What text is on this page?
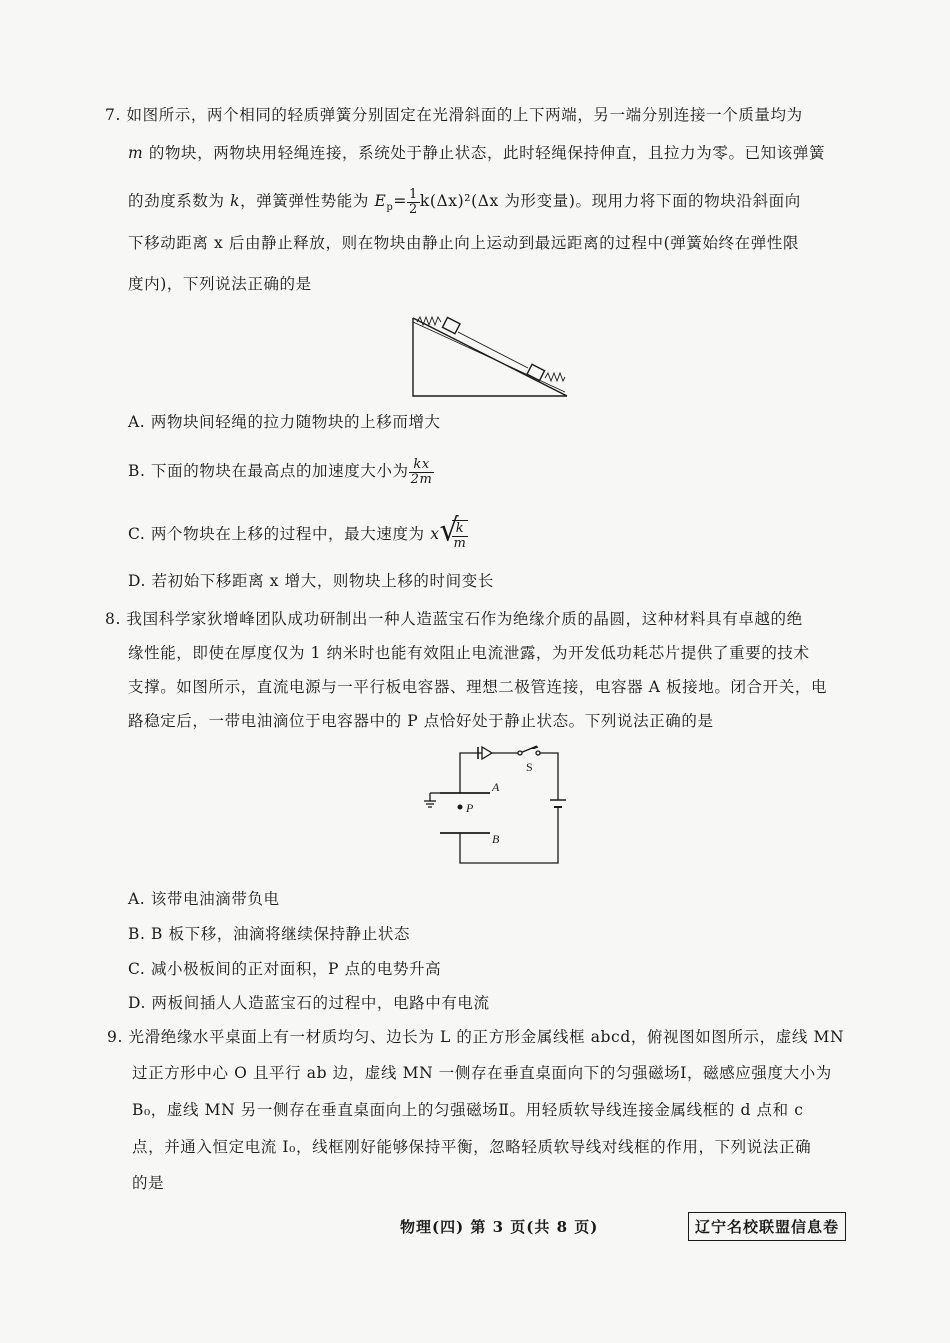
7. 如图所示，两个相同的轻质弹簧分别固定在光滑斜面的上下两端，另一端分别连接一个质量均为
m 的物块，两物块用轻绳连接，系统处于静止状态，此时轻绳保持伸直，且拉力为零。已知该弹簧
的劲度系数为 k，弹簧弹性势能为 $E_p= \frac{1}{2} k(\Delta x)^2(\Delta x$ 为形变量)。现用力将下面的物块沿斜面向
下移动距离 x 后由静止释放，则在物块由静止向上运动到最远距离的过程中(弹簧始终在弹性限
度内)，下列说法正确的是
A. 两物块间轻绳的拉力随物块的上移而增大
B. 下面的物块在最高点的加速度大小为 $\frac{kx}{2m}$
C. 两个物块在上移的过程中，最大速度为 x
√ $\frac{k}{m}$
D. 若初始下移距离 x 增大，则物块上移的时间变长
8. 我国科学家狄增峰团队成功研制出一种人造蓝宝石作为绝缘介质的晶圆，这种材料具有卓越的绝
缘性能，即使在厚度仅为 1 纳米时也能有效阻止电流泄露，为开发低功耗芯片提供了重要的技术
支撑。如图所示，直流电源与一平行板电容器、理想二极管连接，电容器 A 板接地。闭合开关，电
路稳定后，一带电油滴位于电容器中的 P 点恰好处于静止状态。下列说法正确的是
A
P
B
S
A. 该带电油滴带负电
B. B 板下移，油滴将继续保持静止状态
C. 减小极板间的正对面积，P 点的电势升高
D. 两板间插人人造蓝宝石的过程中，电路中有电流
9. 光滑绝缘水平桌面上有一材质均匀、边长为 L 的正方形金属线框 abcd，俯视图如图所示，虚线 MN
过正方形中心 O 且平行 ab 边，虚线 MN 一侧存在垂直桌面向下的匀强磁场Ⅰ，磁感应强度大小为
B₀，虚线 MN 另一侧存在垂直桌面向上的匀强磁场Ⅱ。用轻质软导线连接金属线框的 d 点和 c
点，并通入恒定电流 I₀，线框刚好能够保持平衡，忽略轻质软导线对线框的作用，下列说法正确
的是
物理(四) 第 3 页(共 8 页)	辽宁名校联盟信息卷
